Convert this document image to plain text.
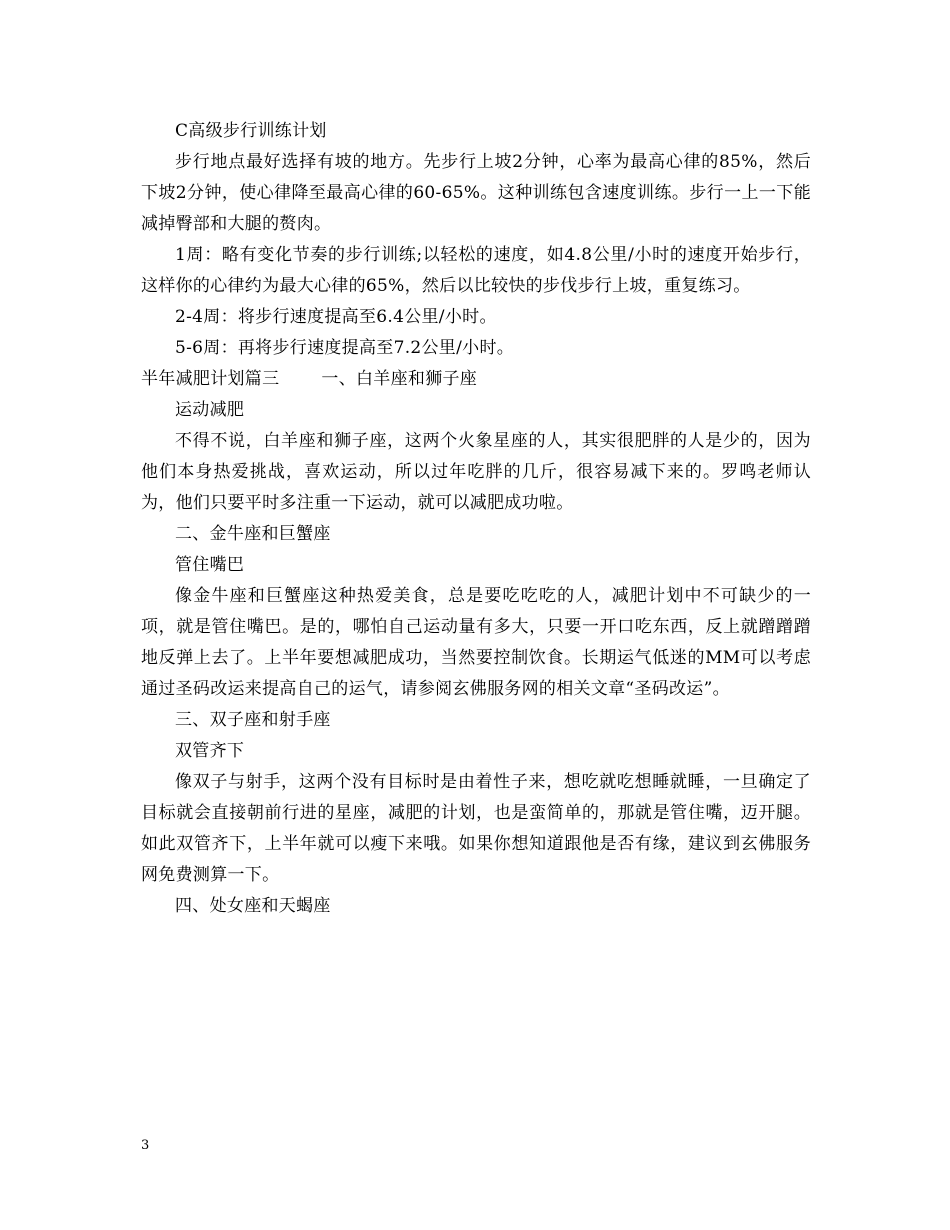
C高级步行训练计划

步行地点最好选择有坡的地方。先步行上坡2分钟，心率为最高心律的85%，然后下坡2分钟，使心律降至最高心律的60-65%。这种训练包含速度训练。步行一上一下能减掉臀部和大腿的赘肉。

1周：略有变化节奏的步行训练;以轻松的速度，如4.8公里/小时的速度开始步行，这样你的心律约为最大心律的65%，然后以比较快的步伐步行上坡，重复练习。

2-4周：将步行速度提高至6.4公里/小时。

5-6周：再将步行速度提高至7.2公里/小时。

半年减肥计划篇三 一、白羊座和狮子座

运动减肥

不得不说，白羊座和狮子座，这两个火象星座的人，其实很肥胖的人是少的，因为他们本身热爱挑战，喜欢运动，所以过年吃胖的几斤，很容易减下来的。罗鸣老师认为，他们只要平时多注重一下运动，就可以减肥成功啦。

二、金牛座和巨蟹座

管住嘴巴

像金牛座和巨蟹座这种热爱美食，总是要吃吃吃的人，减肥计划中不可缺少的一项，就是管住嘴巴。是的，哪怕自己运动量有多大，只要一开口吃东西，反上就蹭蹭蹭地反弹上去了。上半年要想减肥成功，当然要控制饮食。长期运气低迷的MM可以考虑通过圣码改运来提高自己的运气，请参阅玄佛服务网的相关文章“圣码改运”。

三、双子座和射手座

双管齐下

像双子与射手，这两个没有目标时是由着性子来，想吃就吃想睡就睡，一旦确定了目标就会直接朝前行进的星座，减肥的计划，也是蛮简单的，那就是管住嘴，迈开腿。如此双管齐下，上半年就可以瘦下来哦。如果你想知道跟他是否有缘，建议到玄佛服务网免费测算一下。

四、处女座和天蝎座

3
